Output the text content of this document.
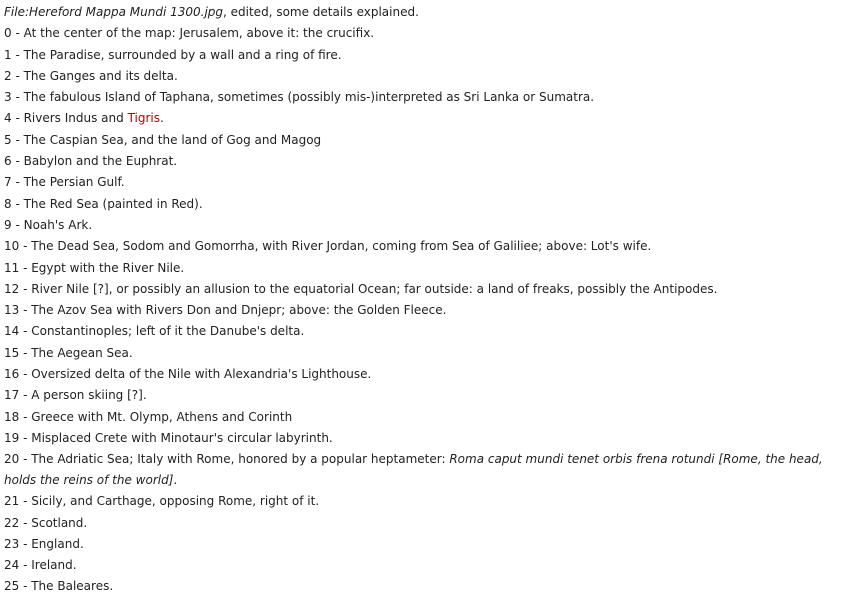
File:Hereford Mappa Mundi 1300.jpg, edited, some details explained.
0 - At the center of the map: Jerusalem, above it: the crucifix.
1 - The Paradise, surrounded by a wall and a ring of fire.
2 - The Ganges and its delta.
3 - The fabulous Island of Taphana, sometimes (possibly mis-)interpreted as Sri Lanka or Sumatra.
4 - Rivers Indus and Tigris.
5 - The Caspian Sea, and the land of Gog and Magog
6 - Babylon and the Euphrat.
7 - The Persian Gulf.
8 - The Red Sea (painted in Red).
9 - Noah's Ark.
10 - The Dead Sea, Sodom and Gomorrha, with River Jordan, coming from Sea of Galiliee; above: Lot's wife.
11 - Egypt with the River Nile.
12 - River Nile [?], or possibly an allusion to the equatorial Ocean; far outside: a land of freaks, possibly the Antipodes.
13 - The Azov Sea with Rivers Don and Dnjepr; above: the Golden Fleece.
14 - Constantinoples; left of it the Danube's delta.
15 - The Aegean Sea.
16 - Oversized delta of the Nile with Alexandria's Lighthouse.
17 - A person skiing [?].
18 - Greece with Mt. Olymp, Athens and Corinth
19 - Misplaced Crete with Minotaur's circular labyrinth.
20 - The Adriatic Sea; Italy with Rome, honored by a popular heptameter: Roma caput mundi tenet orbis frena rotundi [Rome, the head, holds the reins of the world].
21 - Sicily, and Carthage, opposing Rome, right of it.
22 - Scotland.
23 - England.
24 - Ireland.
25 - The Baleares.
